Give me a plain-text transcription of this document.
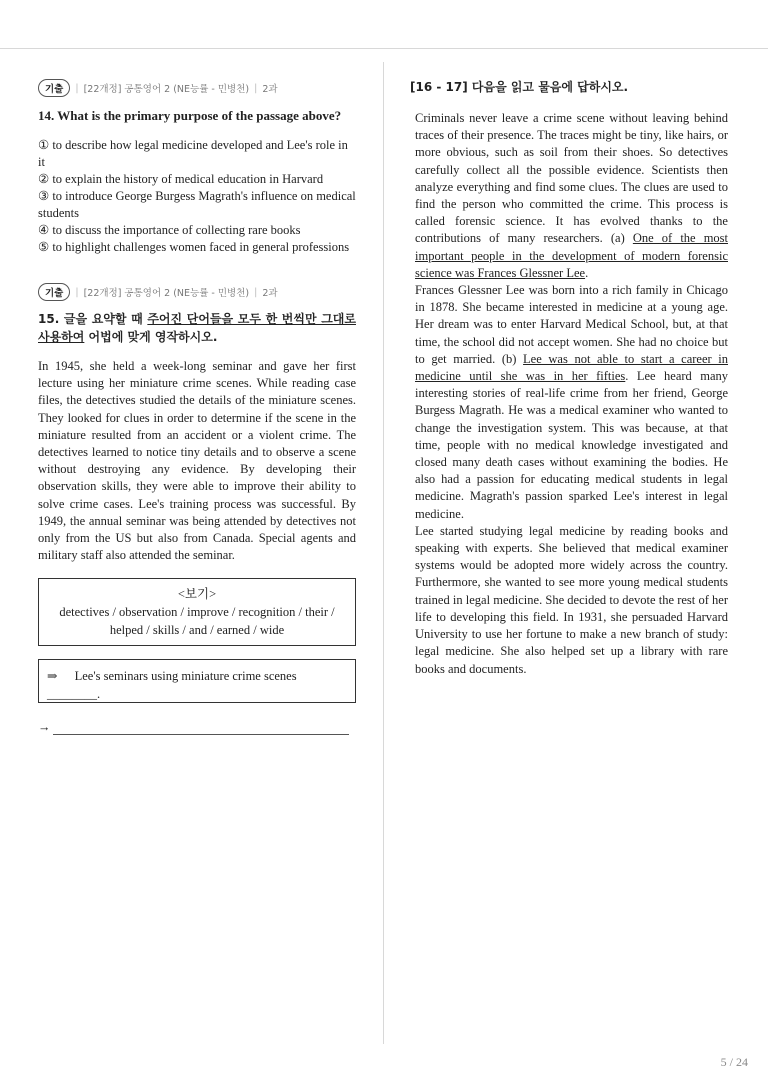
기출	| [22개정] 공통영어 2 (NE능률 - 민병천) | 2과
14. What is the primary purpose of the passage above?
① to describe how legal medicine developed and Lee's role in it
② to explain the history of medical education in Harvard
③ to introduce George Burgess Magrath's influence on medical students
④ to discuss the importance of collecting rare books
⑤ to highlight challenges women faced in general professions
기출	| [22개정] 공통영어 2 (NE능률 - 민병천) | 2과
15. 글을 요약할 때 주어진 단어들을 모두 한 번씩만 그대로 사용하여 어법에 맞게 영작하시오.
In 1945, she held a week-long seminar and gave her first lecture using her miniature crime scenes. While reading case files, the detectives studied the details of the miniature scenes. They looked for clues in order to determine if the scene in the miniature resulted from an accident or a violent crime. The detectives learned to notice tiny details and to observe a scene without destroying any evidence. By developing their observation skills, they were able to improve their ability to solve crime cases. Lee's training process was successful. By 1949, the annual seminar was being attended by detectives not only from the US but also from Canada. Special agents and military staff also attended the seminar.
<보기>
detectives / observation / improve / recognition / their / helped / skills / and / earned / wide
⇒ Lee's seminars using miniature crime scenes ________.
→
[16 - 17] 다음을 읽고 물음에 답하시오.
Criminals never leave a crime scene without leaving behind traces of their presence. The traces might be tiny, like hairs, or more obvious, such as soil from their shoes. So detectives carefully collect all the possible evidence. Scientists then analyze everything and find some clues. The clues are used to find the person who committed the crime. This process is called forensic science. It has evolved thanks to the contributions of many researchers. (a) One of the most important people in the development of modern forensic science was Frances Glessner Lee.
Frances Glessner Lee was born into a rich family in Chicago in 1878. She became interested in medicine at a young age. Her dream was to enter Harvard Medical School, but, at that time, the school did not accept women. She had no choice but to get married. (b) Lee was not able to start a career in medicine until she was in her fifties. Lee heard many interesting stories of real-life crime from her friend, George Burgess Magrath. He was a medical examiner who wanted to change the investigation system. This was because, at that time, people with no medical knowledge investigated and closed many death cases without examining the bodies. He also had a passion for educating medical students in legal medicine. Magrath's passion sparked Lee's interest in legal medicine.
Lee started studying legal medicine by reading books and speaking with experts. She believed that medical examiner systems would be adopted more widely across the country. Furthermore, she wanted to see more young medical students trained in legal medicine. She decided to devote the rest of her life to developing this field. In 1931, she persuaded Harvard University to use her fortune to make a new branch of study: legal medicine. She also helped set up a library with rare books and documents.
5 / 24
